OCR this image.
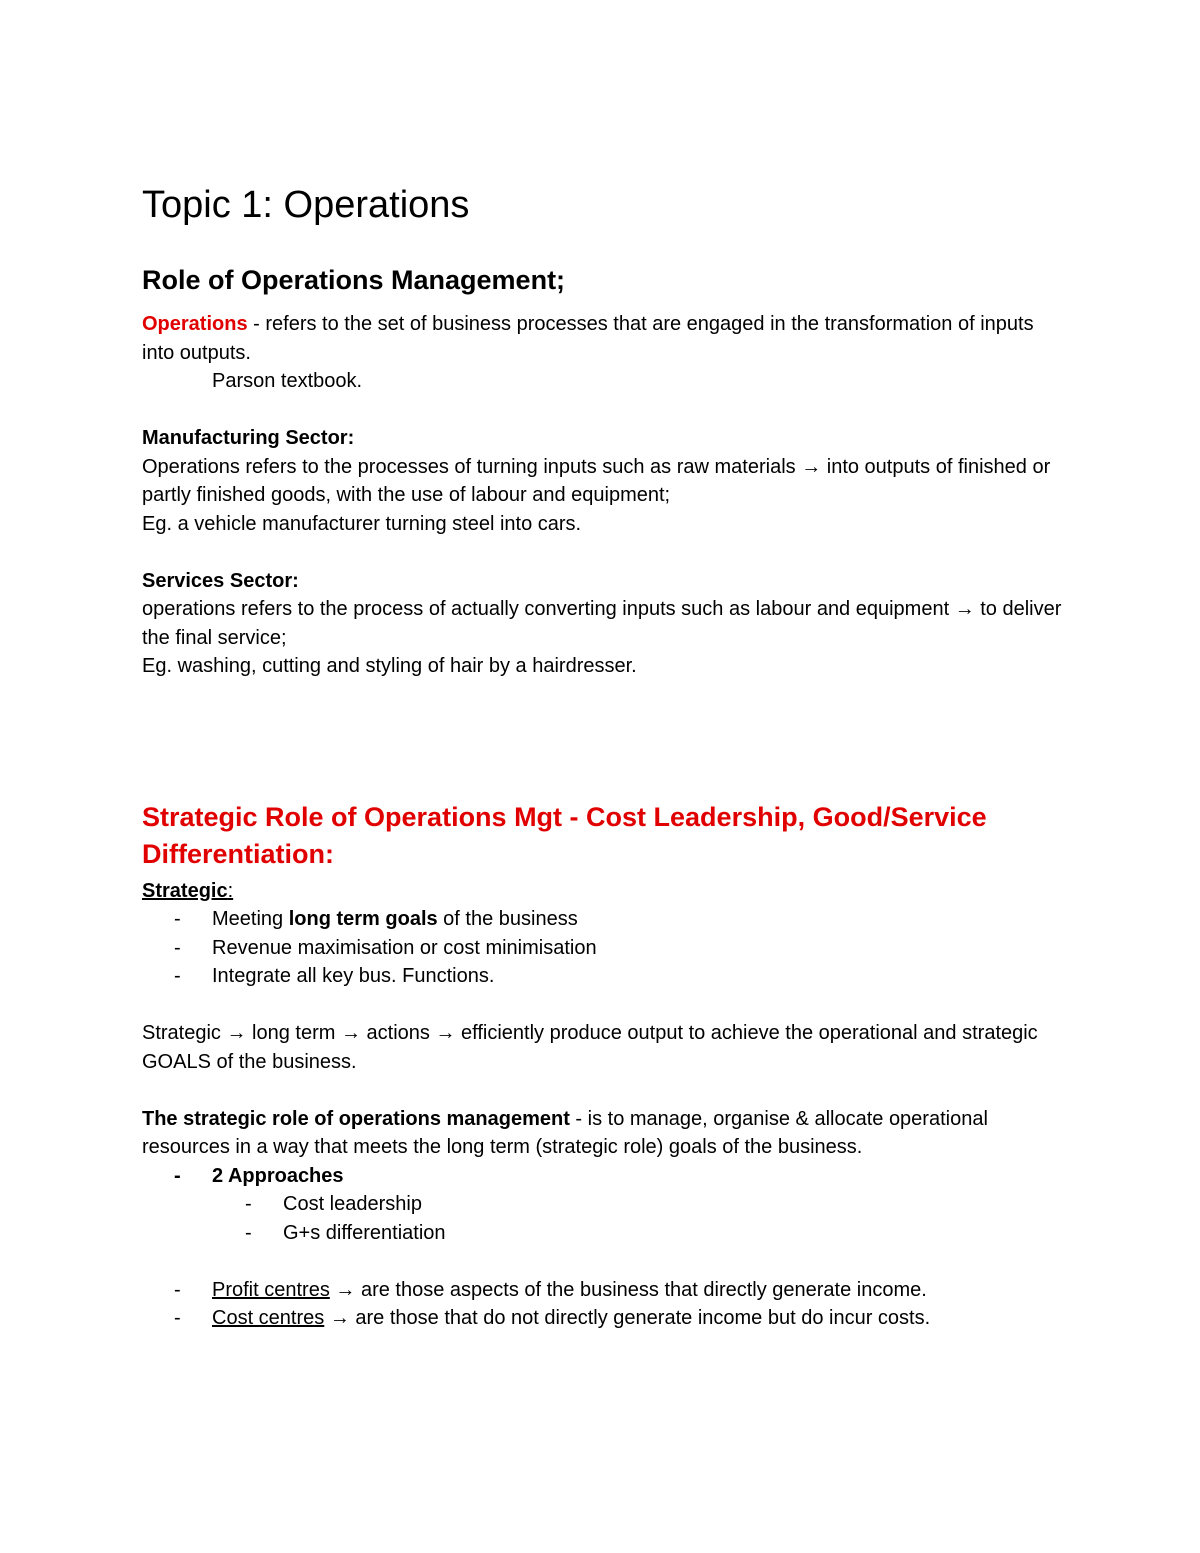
Topic 1: Operations
Role of Operations Management;

Operations - refers to the set of business processes that are engaged in the transformation of inputs into outputs.

Parson textbook.

Manufacturing Sector:

Operations refers to the processes of turning inputs such as raw materials → into outputs of finished or partly finished goods, with the use of labour and equipment;

Eg. a vehicle manufacturer turning steel into cars.

Services Sector:

operations refers to the process of actually converting inputs such as labour and equipment → to deliver the final service;

Eg. washing, cutting and styling of hair by a hairdresser.

Strategic Role of Operations Mgt - Cost Leadership, Good/Service Differentiation:

Strategic:

- Meeting long term goals of the business
- Revenue maximisation or cost minimisation
- Integrate all key bus. Functions.

Strategic → long term → actions → efficiently produce output to achieve the operational and strategic GOALS of the business.

The strategic role of operations management - is to manage, organise & allocate operational resources in a way that meets the long term (strategic role) goals of the business.

- 2 Approaches
- Cost leadership
- G+s differentiation
- Profit centres → are those aspects of the business that directly generate income.
- Cost centres → are those that do not directly generate income but do incur costs.
